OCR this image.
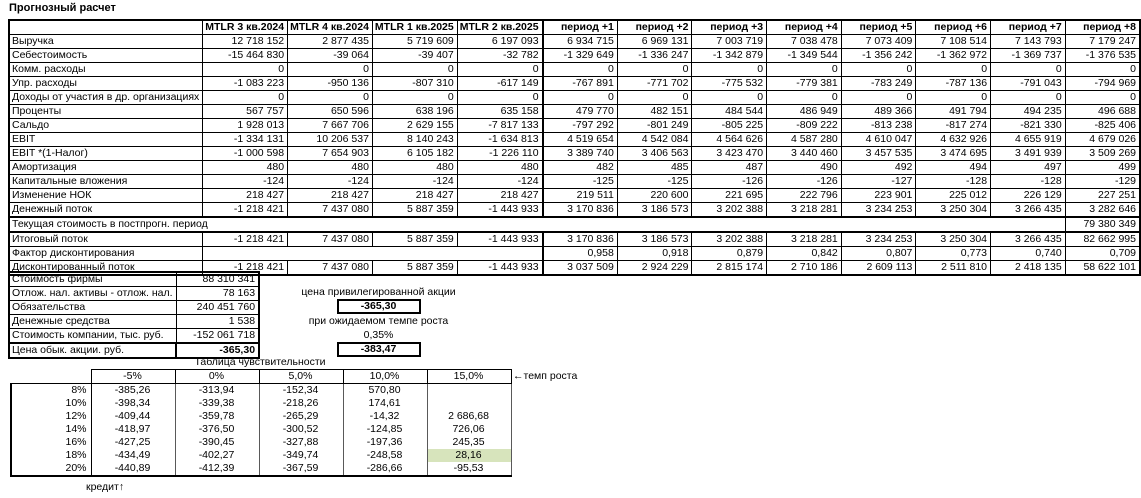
Прогнозный расчет
	MTLR 3 кв.2024	MTLR 4 кв.2024	MTLR 1 кв.2025	MTLR 2 кв.2025	период +1	период +2	период +3	период +4	период +5	период +6	период +7	период +8
Выручка	12 718 152	2 877 435	5 719 609	6 197 093	6 934 715	6 969 131	7 003 719	7 038 478	7 073 409	7 108 514	7 143 793	7 179 247
Себестоимость	-15 464 830	-39 064	-39 407	-32 782	-1 329 649	-1 336 247	-1 342 879	-1 349 544	-1 356 242	-1 362 972	-1 369 737	-1 376 535
Комм. расходы	0	0	0	0	0	0	0	0	0	0	0	0
Упр. расходы	-1 083 223	-950 136	-807 310	-617 149	-767 891	-771 702	-775 532	-779 381	-783 249	-787 136	-791 043	-794 969
Доходы от участия в др. организациях	0	0	0	0	0	0	0	0	0	0	0	0
Проценты	567 757	650 596	638 196	635 158	479 770	482 151	484 544	486 949	489 366	491 794	494 235	496 688
Сальдо	1 928 013	7 667 706	2 629 155	-7 817 133	-797 292	-801 249	-805 225	-809 222	-813 238	-817 274	-821 330	-825 406
EBIT	-1 334 131	10 206 537	8 140 243	-1 634 813	4 519 654	4 542 084	4 564 626	4 587 280	4 610 047	4 632 926	4 655 919	4 679 026
EBIT *(1-Налог)	-1 000 598	7 654 903	6 105 182	-1 226 110	3 389 740	3 406 563	3 423 470	3 440 460	3 457 535	3 474 695	3 491 939	3 509 269
Амортизация	480	480	480	480	482	485	487	490	492	494	497	499
Капитальные вложения	-124	-124	-124	-124	-125	-125	-126	-126	-127	-128	-128	-129
Изменение НОК	218 427	218 427	218 427	218 427	219 511	220 600	221 695	222 796	223 901	225 012	226 129	227 251
Денежный поток	-1 218 421	7 437 080	5 887 359	-1 443 933	3 170 836	3 186 573	3 202 388	3 218 281	3 234 253	3 250 304	3 266 435	3 282 646
Текущая стоимость в постпрогн. период												79 380 349
Итоговый поток	-1 218 421	7 437 080	5 887 359	-1 443 933	3 170 836	3 186 573	3 202 388	3 218 281	3 234 253	3 250 304	3 266 435	82 662 995
Фактор дисконтирования					0,958	0,918	0,879	0,842	0,807	0,773	0,740	0,709
Дисконтированный поток	-1 218 421	7 437 080	5 887 359	-1 443 933	3 037 509	2 924 229	2 815 174	2 710 186	2 609 113	2 511 810	2 418 135	58 622 101
Стоимость фирмы	88 310 341
Отлож. нал. активы - отлож. нал.	78 163
Обязательства	240 451 760
Денежные средства	1 538
Стоимость компании, тыс. руб.	-152 061 718
Цена обык. акции. руб.	-365,30
цена привилегированной акции
-365,30
при ожидаемом темпе роста
0,35%
-383,47
Таблица чувствительности
	-5%	0%	5,0%	10,0%	15,0%
8%	-385,26	-313,94	-152,34	570,80	
10%	-398,34	-339,38	-218,26	174,61	
12%	-409,44	-359,78	-265,29	-14,32	2 686,68
14%	-418,97	-376,50	-300,52	-124,85	726,06
16%	-427,25	-390,45	-327,88	-197,36	245,35
18%	-434,49	-402,27	-349,74	-248,58	28,16
20%	-440,89	-412,39	-367,59	-286,66	-95,53
←темп роста
кредит↑
